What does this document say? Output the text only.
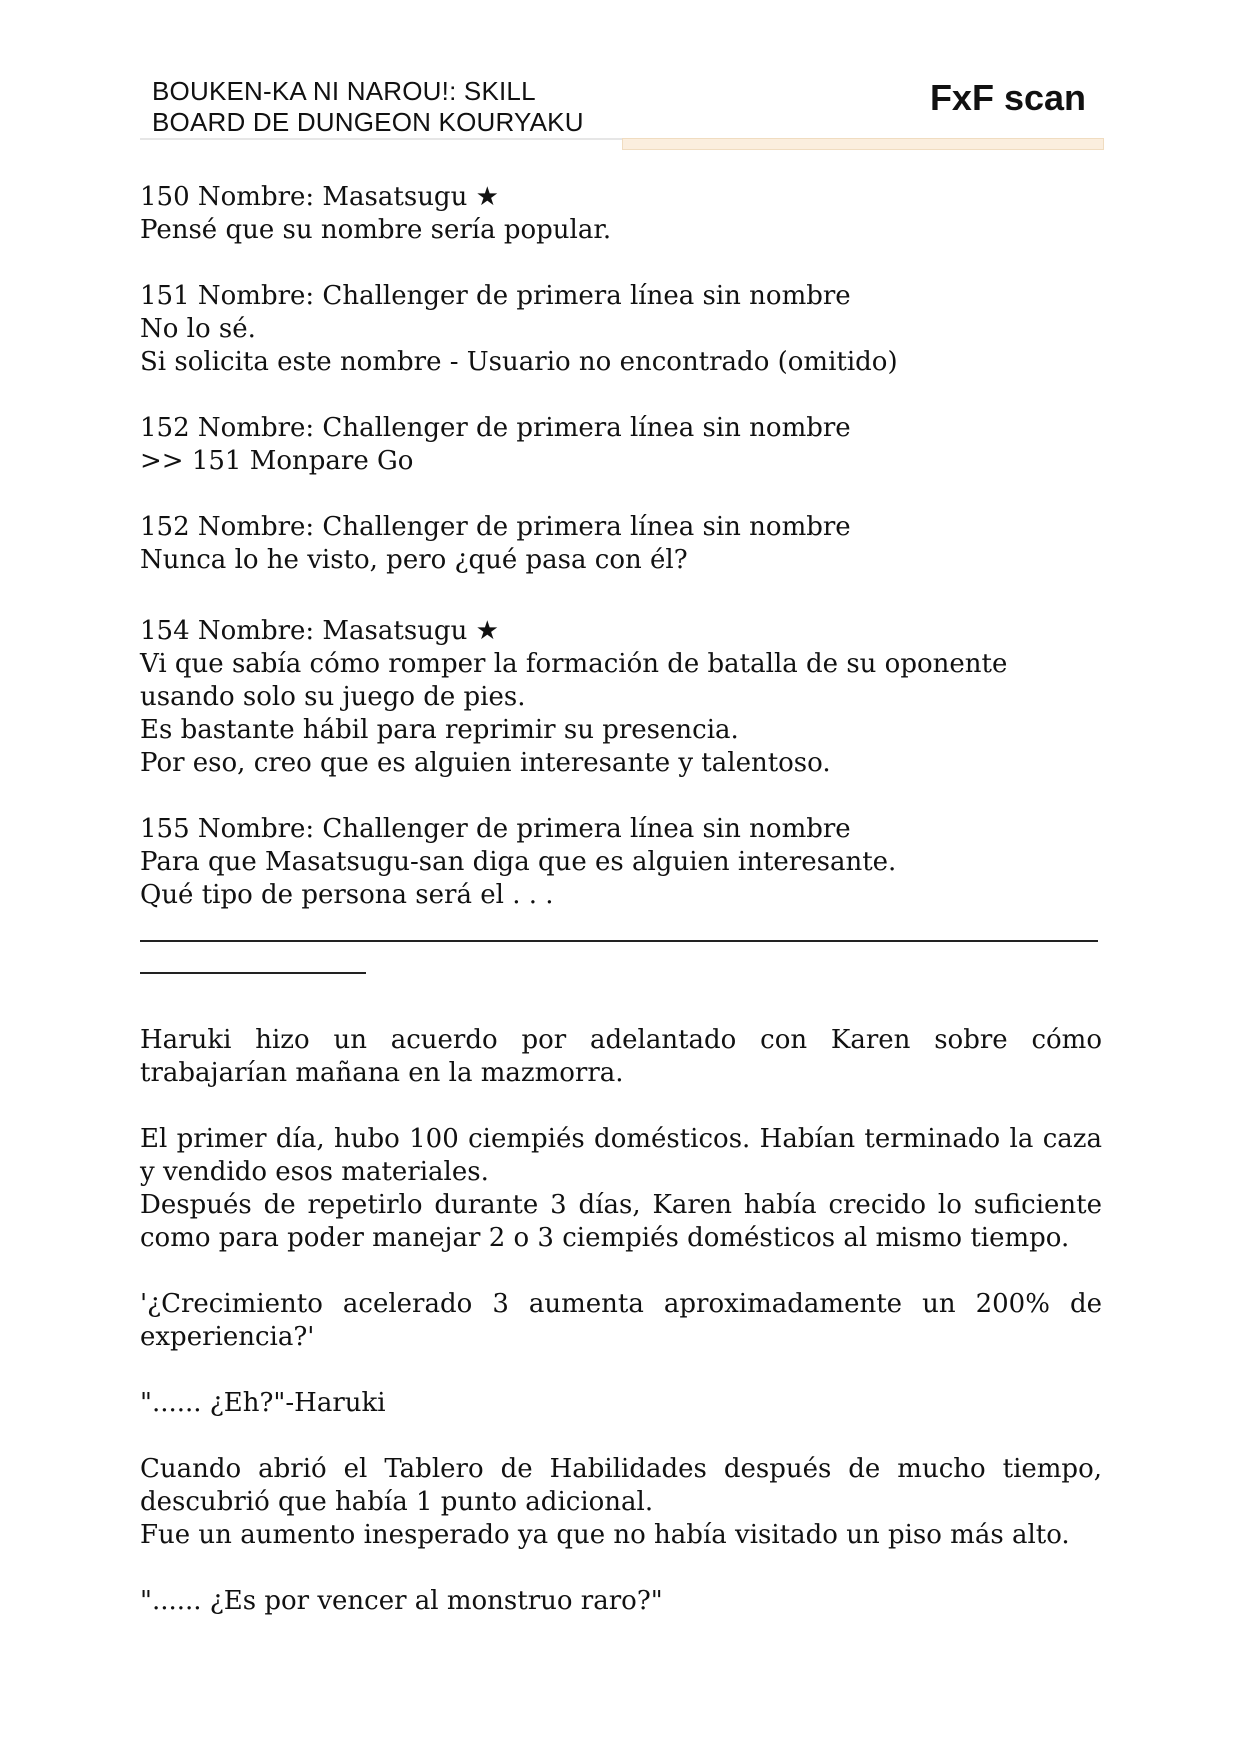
BOUKEN-KA NI NAROU!: SKILL
BOARD DE DUNGEON KOURYAKU
FxF scan
150 Nombre: Masatsugu ★
Pensé que su nombre sería popular.
151 Nombre: Challenger de primera línea sin nombre
No lo sé.
Si solicita este nombre - Usuario no encontrado (omitido)
152 Nombre: Challenger de primera línea sin nombre
>> 151 Monpare Go
152 Nombre: Challenger de primera línea sin nombre
Nunca lo he visto, pero ¿qué pasa con él?
154 Nombre: Masatsugu ★
Vi que sabía cómo romper la formación de batalla de su oponente usando solo su juego de pies.
Es bastante hábil para reprimir su presencia.
Por eso, creo que es alguien interesante y talentoso.
155 Nombre: Challenger de primera línea sin nombre
Para que Masatsugu-san diga que es alguien interesante.
Qué tipo de persona será el . . .
Haruki hizo un acuerdo por adelantado con Karen sobre cómo trabajarían mañana en la mazmorra.
El primer día, hubo 100 ciempiés domésticos. Habían terminado la caza y vendido esos materiales.
Después de repetirlo durante 3 días, Karen había crecido lo suficiente como para poder manejar 2 o 3 ciempiés domésticos al mismo tiempo.
'¿Crecimiento acelerado 3 aumenta aproximadamente un 200% de experiencia?'
"...... ¿Eh?"-Haruki
Cuando abrió el Tablero de Habilidades después de mucho tiempo, descubrió que había 1 punto adicional.
Fue un aumento inesperado ya que no había visitado un piso más alto.
"...... ¿Es por vencer al monstruo raro?"
